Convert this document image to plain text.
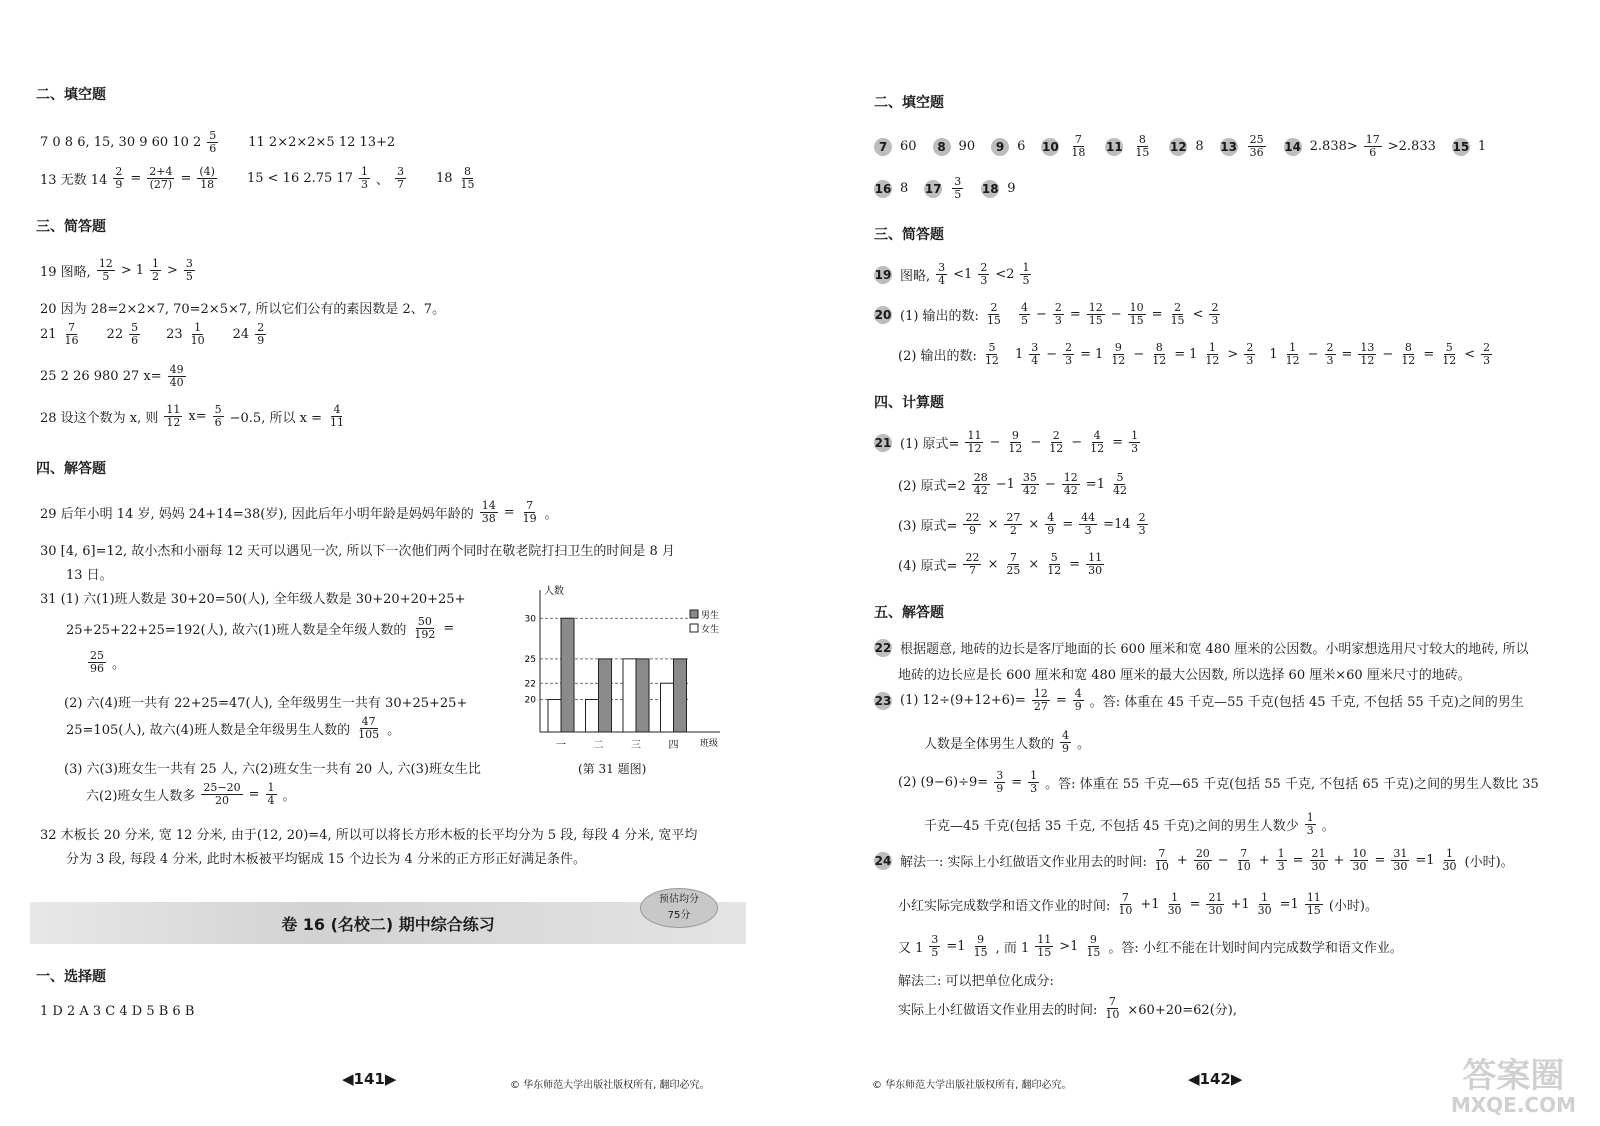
二、填空题
7 0 8 6, 15, 30 9 60 10 $2 \frac{5}{6} 11$ 2×2×2×5 12 13+2
13 无数 $14 \frac{2}{9} = \frac{2+4}{(27)} = \frac{(4)}{18} 15 < 16$ 2.75 $17 \frac{1}{3}$ 、 $\frac{3}{7} 18 \frac{8}{15}$
三、简答题
19 图略, $\frac{12}{5} > 1 \frac{1}{2} > \frac{3}{5}$
20 因为 28=2×2×7, 70=2×5×7, 所以它们公有的素因数是 2、7。
$21 \frac{7}{16} 22 \frac{5}{6} 23 \frac{1}{10} 24 \frac{2}{9}$
25 2 26 980 27 $x= \frac{49}{40}$
28 设这个数为 x, 则 $\frac{11}{12} x= \frac{5}{6} -0.5$, 所以 $x = \frac{4}{11}$
四、解答题
29 后年小明 14 岁, 妈妈 24+14=38(岁), 因此后年小明年龄是妈妈年龄的 $\frac{14}{38} = \frac{7}{19}$ 。
30 [4, 6]=12, 故小杰和小丽每 12 天可以遇见一次, 所以下一次他们两个同时在敬老院打扫卫生的时间是 8 月
13 日。
31 (1) 六(1)班人数是 30+20=50(人), 全年级人数是 30+20+20+25+
25+25+22+25=192(人), 故六(1)班人数是全年级人数的 $\frac{50}{192}$ =
$\frac{25}{96}$ 。
(2) 六(4)班一共有 22+25=47(人), 全年级男生一共有 30+25+25+
25=105(人), 故六(4)班人数是全年级男生人数的 $\frac{47}{105}$ 。
(3) 六(3)班女生一共有 25 人, 六(2)班女生一共有 20 人, 六(3)班女生比
六(2)班女生人数多 $\frac{25-20}{20} = \frac{1}{4}$ 。
人数
班级
20
22
25
30
一	二	三	四
男生
女生
(第 31 题图)
32 木板长 20 分米, 宽 12 分米, 由于(12, 20)=4, 所以可以将长方形木板的长平均分为 5 段, 每段 4 分米, 宽平均
分为 3 段, 每段 4 分米, 此时木板被平均锯成 15 个边长为 4 分米的正方形正好满足条件。
卷 16 (名校二) 期中综合练习
预估均分
75分
一、选择题
1 D 2 A 3 C 4 D 5 B 6 B
◀141▶	© 华东师范大学出版社版权所有, 翻印必究。
二、填空题
7 60	8 90	9 6 $10 \frac{7}{18} 11 \frac{8}{15} 12$ 8 $13 \frac{25}{36} 14$ $2.838> \frac{17}{6} >2.833$ 15 1
16 8 $17 \frac{3}{5} 18$ 9
三、简答题
19 图略, $\frac{3}{4} <1 \frac{2}{3} <2 \frac{1}{5}$
20 (1) 输出的数: $\frac{2}{15} \frac{4}{5} - \frac{2}{3} = \frac{12}{15} - \frac{10}{15} = \frac{2}{15} < \frac{2}{3}$
(2) 输出的数: $\frac{5}{12} 1 \frac{3}{4} - \frac{2}{3} = 1 \frac{9}{12} - \frac{8}{12} = 1 \frac{1}{12} > \frac{2}{3} 1 \frac{1}{12} - \frac{2}{3} = \frac{13}{12} - \frac{8}{12} = \frac{5}{12} < \frac{2}{3}$
四、计算题
21 (1) 原式= $\frac{11}{12} - \frac{9}{12} - \frac{2}{12} - \frac{4}{12} = \frac{1}{3}$
(2) 原式$=2 \frac{28}{42} -1 \frac{35}{42} - \frac{12}{42} =1 \frac{5}{42}$
(3) 原式= $\frac{22}{9} \times \frac{27}{2} \times \frac{4}{9} = \frac{44}{3} =14 \frac{2}{3}$
(4) 原式= $\frac{22}{7} \times \frac{7}{25} \times \frac{5}{12} = \frac{11}{30}$
五、解答题
22 根据题意, 地砖的边长是客厅地面的长 600 厘米和宽 480 厘米的公因数。小明家想选用尺寸较大的地砖, 所以
地砖的边长应是长 600 厘米和宽 480 厘米的最大公因数, 所以选择 60 厘米×60 厘米尺寸的地砖。
23 (1) $12\div(9+12+6)= \frac{12}{27} = \frac{4}{9}$ 。答: 体重在 45 千克—55 千克(包括 45 千克, 不包括 55 千克)之间的男生
人数是全体男生人数的 $\frac{4}{9}$ 。
(2) $(9-6)\div 9= \frac{3}{9} = \frac{1}{3}$ 。答: 体重在 55 千克—65 千克(包括 55 千克, 不包括 65 千克)之间的男生人数比 35
千克—45 千克(包括 35 千克, 不包括 45 千克)之间的男生人数少 $\frac{1}{3}$ 。
24 解法一: 实际上小红做语文作业用去的时间: $\frac{7}{10} + \frac{20}{60} - \frac{7}{10} + \frac{1}{3} = \frac{21}{30} + \frac{10}{30} = \frac{31}{30} =1 \frac{1}{30}$ (小时)。
小红实际完成数学和语文作业的时间: $\frac{7}{10} +1 \frac{1}{30} = \frac{21}{30} +1 \frac{1}{30} =1 \frac{11}{15}$ (小时)。
又 $1 \frac{3}{5} =1 \frac{9}{15}$ , 而 $1 \frac{11}{15} >1 \frac{9}{15}$ 。答: 小红不能在计划时间内完成数学和语文作业。
解法二: 可以把单位化成分:
实际上小红做语文作业用去的时间: $\frac{7}{10} \times 60+20=62$(分),
© 华东师范大学出版社版权所有, 翻印必究。	◀142▶	答案圈
MXQE.COM
